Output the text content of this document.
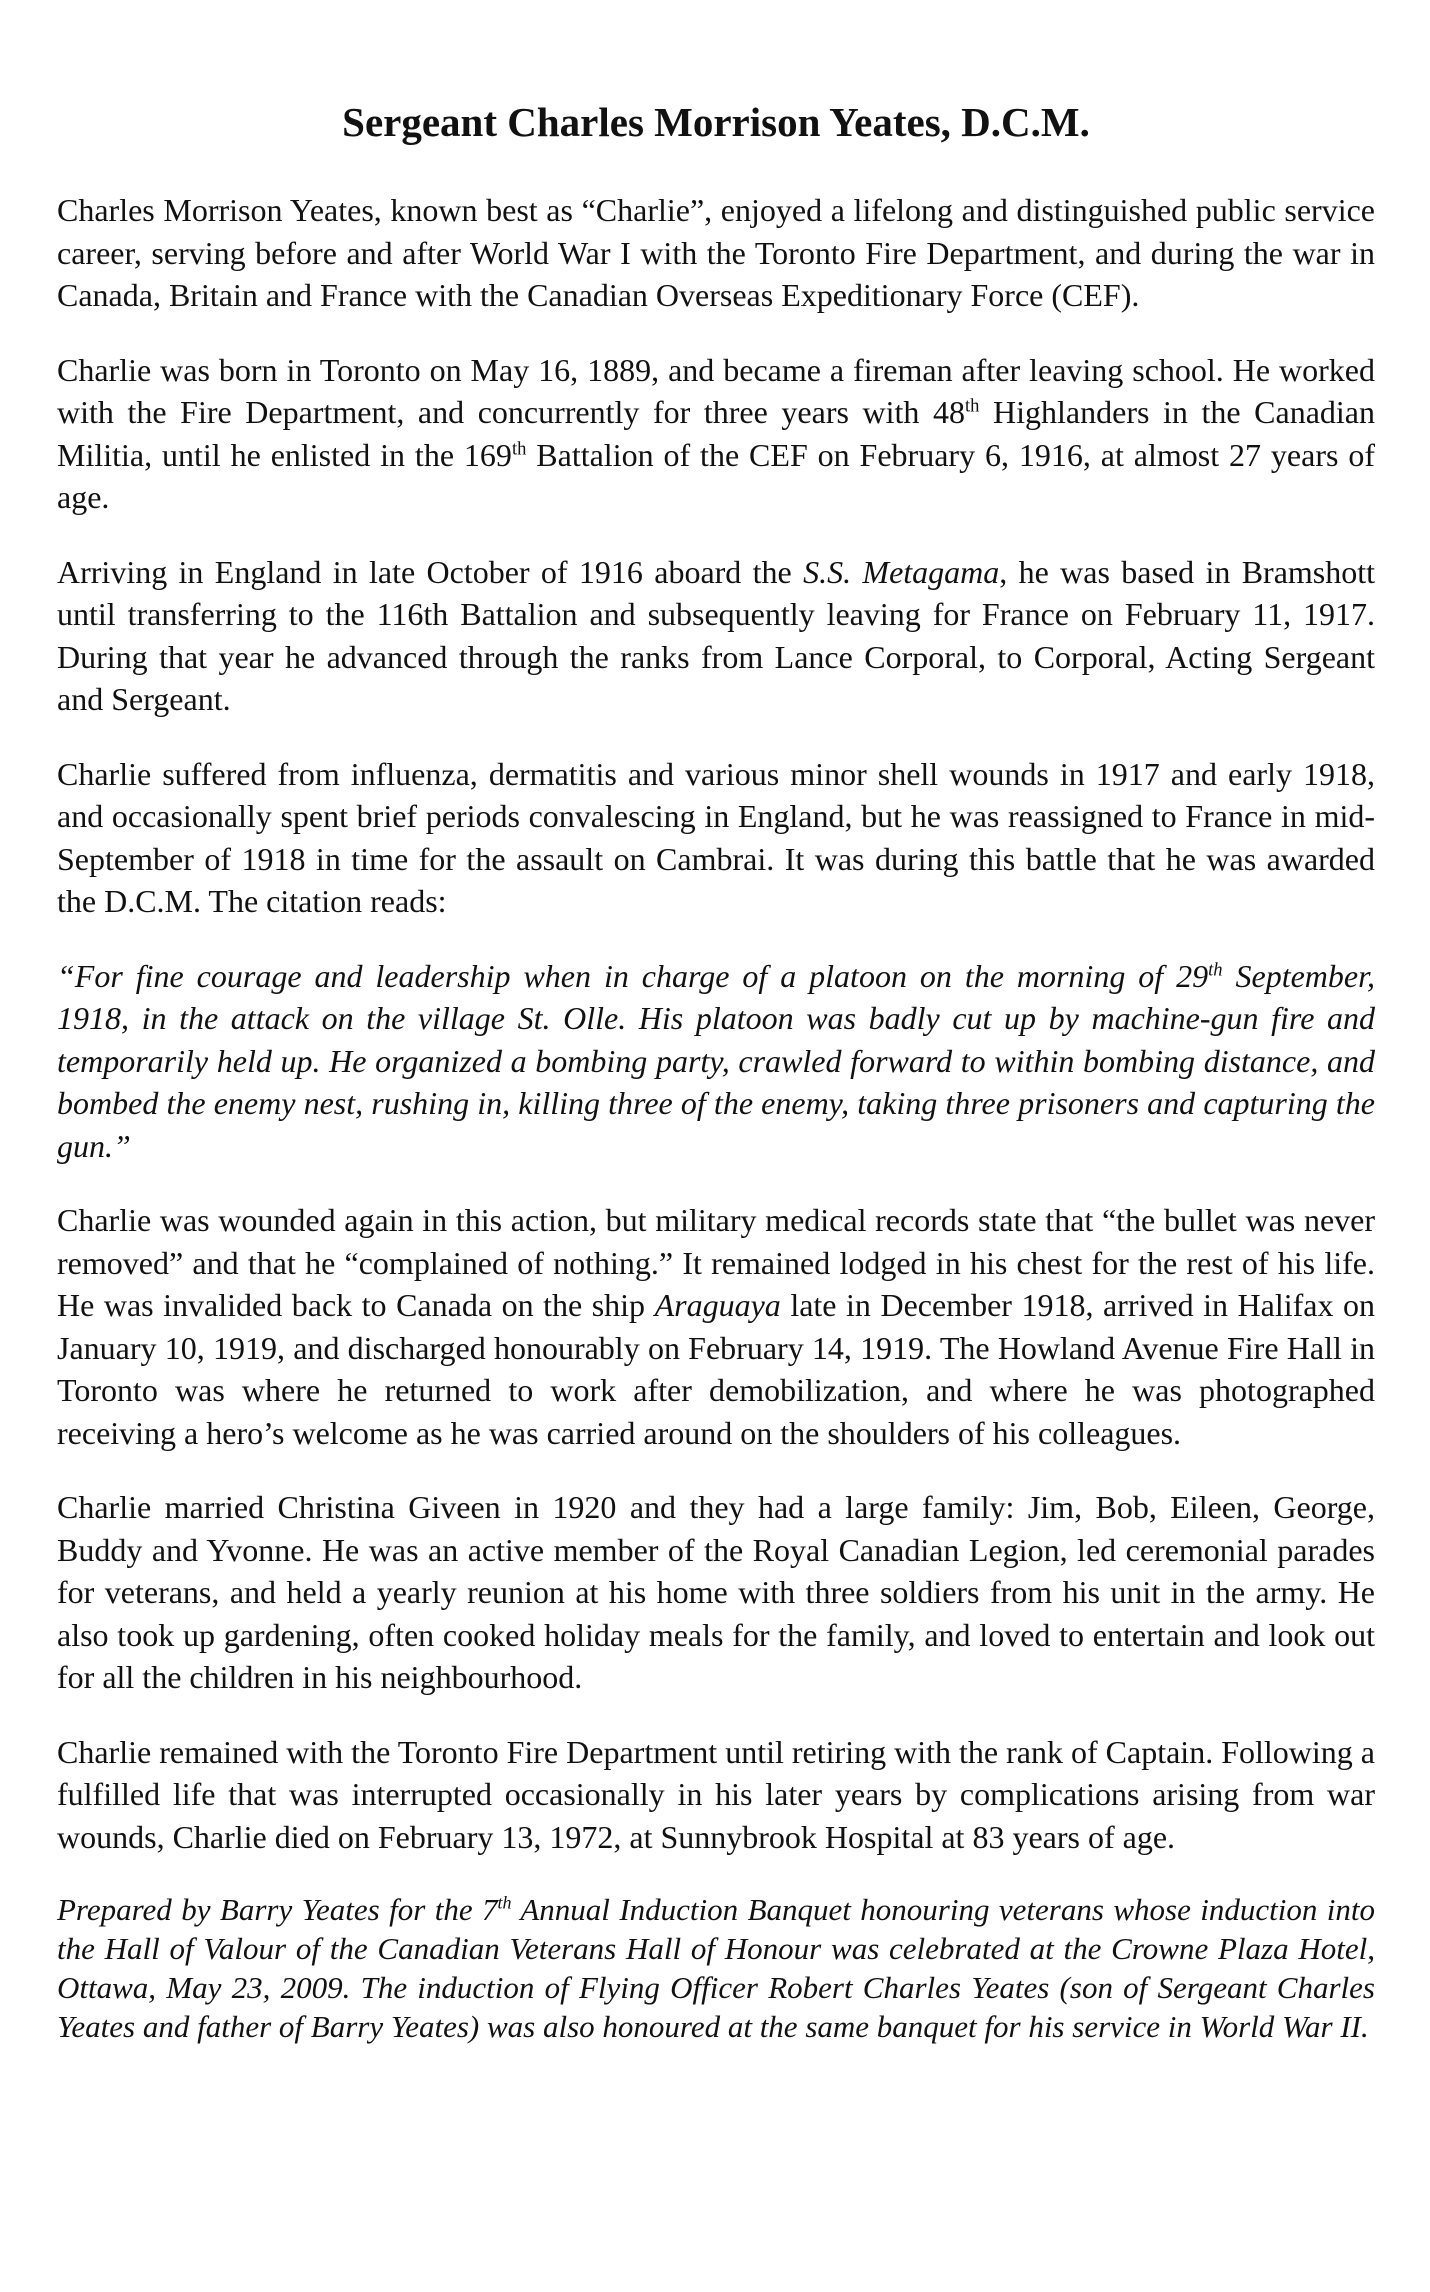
Sergeant Charles Morrison Yeates, D.C.M.

Charles Morrison Yeates, known best as “Charlie”, enjoyed a lifelong and distinguished public service career, serving before and after World War I with the Toronto Fire Department, and during the war in Canada, Britain and France with the Canadian Overseas Expeditionary Force (CEF).

Charlie was born in Toronto on May 16, 1889, and became a fireman after leaving school. He worked with the Fire Department, and concurrently for three years with 48th Highlanders in the Canadian Militia, until he enlisted in the 169th Battalion of the CEF on February 6, 1916, at almost 27 years of age.

Arriving in England in late October of 1916 aboard the S.S. Metagama, he was based in Bramshott until transferring to the 116th Battalion and subsequently leaving for France on February 11, 1917. During that year he advanced through the ranks from Lance Corporal, to Corporal, Acting Sergeant and Sergeant.

Charlie suffered from influenza, dermatitis and various minor shell wounds in 1917 and early 1918, and occasionally spent brief periods convalescing in England, but he was reassigned to France in mid-September of 1918 in time for the assault on Cambrai. It was during this battle that he was awarded the D.C.M. The citation reads:

“For fine courage and leadership when in charge of a platoon on the morning of 29th September, 1918, in the attack on the village St. Olle. His platoon was badly cut up by machine-gun fire and temporarily held up. He organized a bombing party, crawled forward to within bombing distance, and bombed the enemy nest, rushing in, killing three of the enemy, taking three prisoners and capturing the gun.”

Charlie was wounded again in this action, but military medical records state that “the bullet was never removed” and that he “complained of nothing.” It remained lodged in his chest for the rest of his life. He was invalided back to Canada on the ship Araguaya late in December 1918, arrived in Halifax on January 10, 1919, and discharged honourably on February 14, 1919. The Howland Avenue Fire Hall in Toronto was where he returned to work after demobilization, and where he was photographed receiving a hero’s welcome as he was carried around on the shoulders of his colleagues.

Charlie married Christina Giveen in 1920 and they had a large family: Jim, Bob, Eileen, George, Buddy and Yvonne. He was an active member of the Royal Canadian Legion, led ceremonial parades for veterans, and held a yearly reunion at his home with three soldiers from his unit in the army. He also took up gardening, often cooked holiday meals for the family, and loved to entertain and look out for all the children in his neighbourhood.

Charlie remained with the Toronto Fire Department until retiring with the rank of Captain. Following a fulfilled life that was interrupted occasionally in his later years by complications arising from war wounds, Charlie died on February 13, 1972, at Sunnybrook Hospital at 83 years of age.

Prepared by Barry Yeates for the 7th Annual Induction Banquet honouring veterans whose induction into the Hall of Valour of the Canadian Veterans Hall of Honour was celebrated at the Crowne Plaza Hotel, Ottawa, May 23, 2009. The induction of Flying Officer Robert Charles Yeates (son of Sergeant Charles Yeates and father of Barry Yeates) was also honoured at the same banquet for his service in World War II.
